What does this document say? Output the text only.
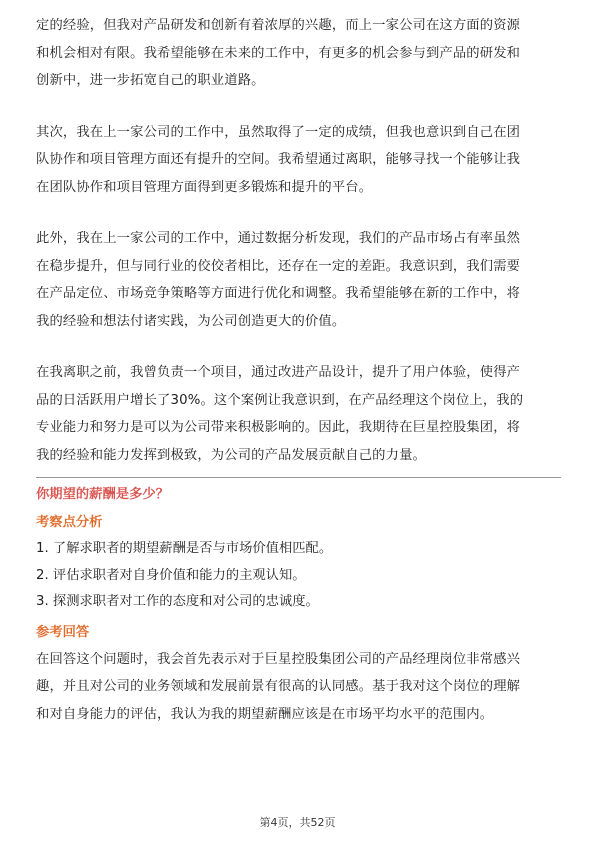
定的经验，但我对产品研发和创新有着浓厚的兴趣，而上一家公司在这方面的资源
和机会相对有限。我希望能够在未来的工作中，有更多的机会参与到产品的研发和
创新中，进一步拓宽自己的职业道路。

其次，我在上一家公司的工作中，虽然取得了一定的成绩，但我也意识到自己在团
队协作和项目管理方面还有提升的空间。我希望通过离职，能够寻找一个能够让我
在团队协作和项目管理方面得到更多锻炼和提升的平台。

此外，我在上一家公司的工作中，通过数据分析发现，我们的产品市场占有率虽然
在稳步提升，但与同行业的佼佼者相比，还存在一定的差距。我意识到，我们需要
在产品定位、市场竞争策略等方面进行优化和调整。我希望能够在新的工作中，将
我的经验和想法付诸实践，为公司创造更大的价值。

在我离职之前，我曾负责一个项目，通过改进产品设计，提升了用户体验，使得产
品的日活跃用户增长了30%。这个案例让我意识到，在产品经理这个岗位上，我的
专业能力和努力是可以为公司带来积极影响的。因此，我期待在巨星控股集团，将
我的经验和能力发挥到极致，为公司的产品发展贡献自己的力量。

你期望的薪酬是多少？

考察点分析

1. 了解求职者的期望薪酬是否与市场价值相匹配。
2. 评估求职者对自身价值和能力的主观认知。
3. 探测求职者对工作的态度和对公司的忠诚度。

参考回答

在回答这个问题时，我会首先表示对于巨星控股集团公司的产品经理岗位非常感兴
趣，并且对公司的业务领域和发展前景有很高的认同感。基于我对这个岗位的理解
和对自身能力的评估，我认为我的期望薪酬应该是在市场平均水平的范围内。

第4页，共52页
